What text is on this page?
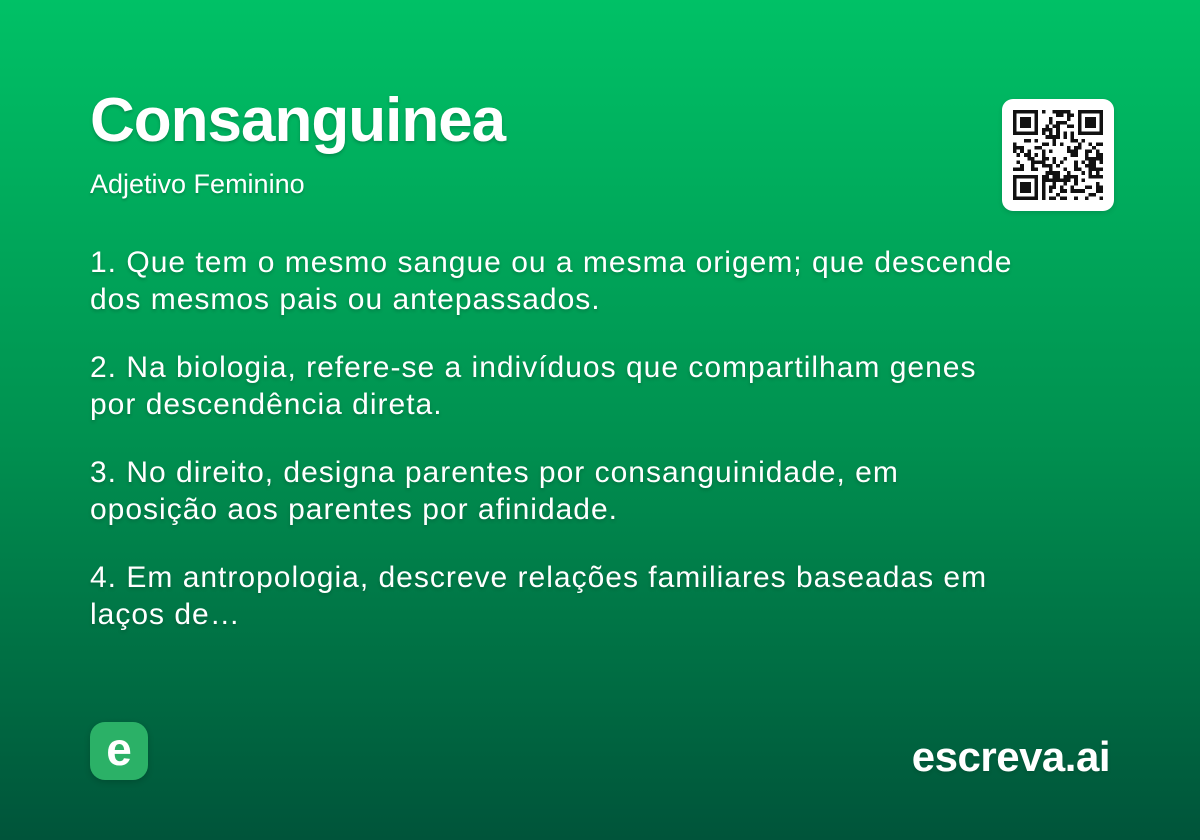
Consanguinea
Adjetivo Feminino

1. Que tem o mesmo sangue ou a mesma origem; que descende
dos mesmos pais ou antepassados.

2. Na biologia, refere-se a indivíduos que compartilham genes
por descendência direta.

3. No direito, designa parentes por consanguinidade, em
oposição aos parentes por afinidade.

4. Em antropologia, descreve relações familiares baseadas em
laços de…

e	escreva.ai
